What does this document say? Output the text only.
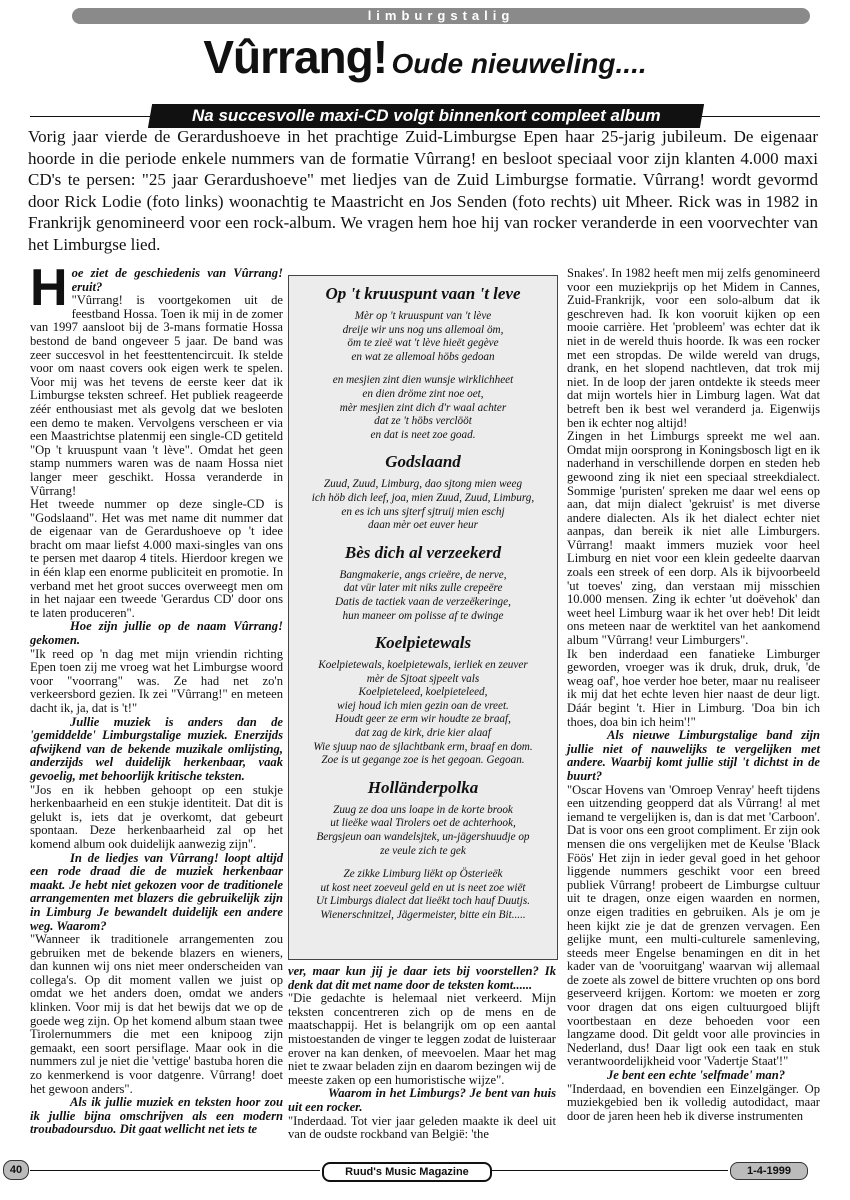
limburgstalig
Vûrrang! Oude nieuweling....
Na succesvolle maxi-CD volgt binnenkort compleet album
Vorig jaar vierde de Gerardushoeve in het prachtige Zuid-Limburgse Epen haar 25-jarig jubileum. De eigenaar hoorde in die periode enkele nummers van de formatie Vûrrang! en besloot speciaal voor zijn klanten 4.000 maxi CD's te persen: "25 jaar Gerardushoeve" met liedjes van de Zuid Limburgse formatie. Vûrrang! wordt gevormd door Rick Lodie (foto links) woonachtig te Maastricht en Jos Senden (foto rechts) uit Mheer. Rick was in 1982 in Frankrijk genomineerd voor een rock-album. We vragen hem hoe hij van rocker veranderde in een voorvechter van het Limburgse lied.
H oe ziet de geschiedenis van Vûrrang! eruit?

"Vûrrang! is voortgekomen uit de feestband Hossa. Toen ik mij in de zomer van 1997 aansloot bij de 3-mans formatie Hossa bestond de band ongeveer 5 jaar. De band was zeer succesvol in het feesttentencircuit. Ik stelde voor om naast covers ook eigen werk te spelen. Voor mij was het tevens de eerste keer dat ik Limburgse teksten schreef. Het publiek reageerde zéér enthousiast met als gevolg dat we besloten een demo te maken. Vervolgens verscheen er via een Maastrichtse platenmij een single-CD getiteld "Op 't kruuspunt vaan 't lève". Omdat het geen stamp nummers waren was de naam Hossa niet langer meer geschikt. Hossa veranderde in Vûrrang!

Het tweede nummer op deze single-CD is "Godslaand". Het was met name dit nummer dat de eigenaar van de Gerardushoeve op 't idee bracht om maar liefst 4.000 maxi-singles van ons te persen met daarop 4 titels. Hierdoor kregen we in één klap een enorme publiciteit en promotie. In verband met het groot succes overweegt men om in het najaar een tweede 'Gerardus CD' door ons te laten produceren".

Hoe zijn jullie op de naam Vûrrang! gekomen.

"Ik reed op 'n dag met mijn vriendin richting Epen toen zij me vroeg wat het Limburgse woord voor "voorrang" was. Ze had net zo'n verkeersbord gezien. Ik zei "Vûrrang!" en meteen dacht ik, ja, dat is 't!"

Jullie muziek is anders dan de 'gemiddelde' Limburgstalige muziek. Enerzijds afwijkend van de bekende muzikale omlijsting, anderzijds wel duidelijk herkenbaar, vaak gevoelig, met behoorlijk kritische teksten.

"Jos en ik hebben gehoopt op een stukje herkenbaarheid en een stukje identiteit. Dat dit is gelukt is, iets dat je overkomt, dat gebeurt spontaan. Deze herkenbaarheid zal op het komend album ook duidelijk aanwezig zijn".

In de liedjes van Vûrrang! loopt altijd een rode draad die de muziek herkenbaar maakt. Je hebt niet gekozen voor de traditionele arrangementen met blazers die gebruikelijk zijn in Limburg Je bewandelt duidelijk een andere weg. Waarom?

"Wanneer ik traditionele arrangementen zou gebruiken met de bekende blazers en wieners, dan kunnen wij ons niet meer onderscheiden van collega's. Op dit moment vallen we juist op omdat we het anders doen, omdat we anders klinken. Voor mij is dat het bewijs dat we op de goede weg zijn. Op het komend album staan twee Tirolernummers die met een knipoog zijn gemaakt, een soort persiflage. Maar ook in die nummers zul je niet die 'vettige' bastuba horen die zo kenmerkend is voor datgenre. Vûrrang! doet het gewoon anders".

Als ik jullie muziek en teksten hoor zou ik jullie bijna omschrijven als een modern troubadoursduo. Dit gaat wellicht net iets te

Op 't kruuspunt vaan 't leve

Mèr op 't kruuspunt van 't lève
dreije wir uns nog uns allemoal öm,
öm te zieë wat 't lève hieët gegève
en wat ze allemoal höbs gedoan

en mesjien zint dien wunsje wirklichheet
en dien dröme zint noe oet,
mèr mesjien zint dich d'r waal achter
dat ze 't höbs verclööt
en dat is neet zoe goad.

Godslaand

Zuud, Zuud, Limburg, dao sjtong mien weeg
ich höb dich leef, joa, mien Zuud, Zuud, Limburg,
en es ich uns sjterf sjtruij mien eschj
daan mèr oet euver heur

Bès dich al verzeekerd

Bangmakerie, angs crieëre, de nerve,
dat vür later mit niks zulle crepeëre
Datis de tactiek vaan de verzeëkeringe,
hun maneer om polisse af te dwinge

Koelpietewals

Koelpietewals, koelpietewals, ierliek en zeuver
mèr de Sjtoat sjpeelt vals
Koelpieteleed, koelpieteleed,
wiej houd ich mien gezin oan de vreet.
Houdt geer ze erm wir houdte ze braaf,
dat zag de kirk, drie kier alaaf
Wie sjuup nao de sjlachtbank erm, braaf en dom.
Zoe is ut gegange zoe is het gegoan. Gegoan.

Holländerpolka

Zuug ze doa uns loape in de korte brook
ut lieëke waal Tirolers oet de achterhook,
Bergsjeun oan wandelsjtek, un-jägershuudje op
ze veule zich te gek

Ze zikke Limburg liëkt op Österieëk
ut kost neet zoeveul geld en ut is neet zoe wiët
Ut Limburgs dialect dat lieëkt toch hauf Duutjs.
Wienerschnitzel, Jägermeister, bitte ein Bit.....

ver, maar kun jij je daar iets bij voorstellen? Ik denk dat dit met name door de teksten komt......

"Die gedachte is helemaal niet verkeerd. Mijn teksten concentreren zich op de mens en de maatschappij. Het is belangrijk om op een aantal mistoestanden de vinger te leggen zodat de luisteraar erover na kan denken, of meevoelen. Maar het mag niet te zwaar beladen zijn en daarom bezingen wij de meeste zaken op een humoristische wijze".

Waarom in het Limburgs? Je bent van huis uit een rocker.

"Inderdaad. Tot vier jaar geleden maakte ik deel uit van de oudste rockband van België: 'the

Snakes'. In 1982 heeft men mij zelfs genomineerd voor een muziekprijs op het Midem in Cannes, Zuid-Frankrijk, voor een solo-album dat ik geschreven had. Ik kon vooruit kijken op een mooie carrière. Het 'probleem' was echter dat ik niet in de wereld thuis hoorde. Ik was een rocker met een stropdas. De wilde wereld van drugs, drank, en het slopend nachtleven, dat trok mij niet. In de loop der jaren ontdekte ik steeds meer dat mijn wortels hier in Limburg lagen. Wat dat betreft ben ik best wel veranderd ja. Eigenwijs ben ik echter nog altijd!

Zingen in het Limburgs spreekt me wel aan. Omdat mijn oorsprong in Koningsbosch ligt en ik naderhand in verschillende dorpen en steden heb gewoond zing ik niet een speciaal streekdialect. Sommige 'puristen' spreken me daar wel eens op aan, dat mijn dialect 'gekruist' is met diverse andere dialecten. Als ik het dialect echter niet aanpas, dan bereik ik niet alle Limburgers. Vûrrang! maakt immers muziek voor heel Limburg en niet voor een klein gedeelte daarvan zoals een streek of een dorp. Als ik bijvoorbeeld 'ut toeves' zing, dan verstaan mij misschien 10.000 mensen. Zing ik echter 'ut doëvehok' dan weet heel Limburg waar ik het over heb! Dit leidt ons meteen naar de werktitel van het aankomend album "Vûrrang! veur Limburgers".

Ik ben inderdaad een fanatieke Limburger geworden, vroeger was ik druk, druk, druk, 'de weag oaf', hoe verder hoe beter, maar nu realiseer ik mij dat het echte leven hier naast de deur ligt. Dáár begint 't. Hier in Limburg. 'Doa bin ich thoes, doa bin ich heim'!"

Als nieuwe Limburgstalige band zijn jullie niet of nauwelijks te vergelijken met andere. Waarbij komt jullie stijl 't dichtst in de buurt?

"Oscar Hovens van 'Omroep Venray' heeft tijdens een uitzending geopperd dat als Vûrrang! al met iemand te vergelijken is, dan is dat met 'Carboon'. Dat is voor ons een groot compliment. Er zijn ook mensen die ons vergelijken met de Keulse 'Black Föös' Het zijn in ieder geval goed in het gehoor liggende nummers geschikt voor een breed publiek Vûrrang! probeert de Limburgse cultuur uit te dragen, onze eigen waarden en normen, onze eigen tradities en gebruiken. Als je om je heen kijkt zie je dat de grenzen vervagen. Een gelijke munt, een multi-culturele samenleving, steeds meer Engelse benamingen en dit in het kader van de 'vooruitgang' waarvan wij allemaal de zoete als zowel de bittere vruchten op ons bord geserveerd krijgen. Kortom: we moeten er zorg voor dragen dat ons eigen cultuurgoed blijft voortbestaan en deze behoeden voor een langzame dood. Dit geldt voor alle provincies in Nederland, dus! Daar ligt ook een taak en stuk verantwoordelijkheid voor 'Vadertje Staat'!"

Je bent een echte 'selfmade' man?

"Inderdaad, en bovendien een Einzelgänger. Op muziekgebied ben ik volledig autodidact, maar door de jaren heen heb ik diverse instrumenten

40	Ruud's Music Magazine	1-4-1999
